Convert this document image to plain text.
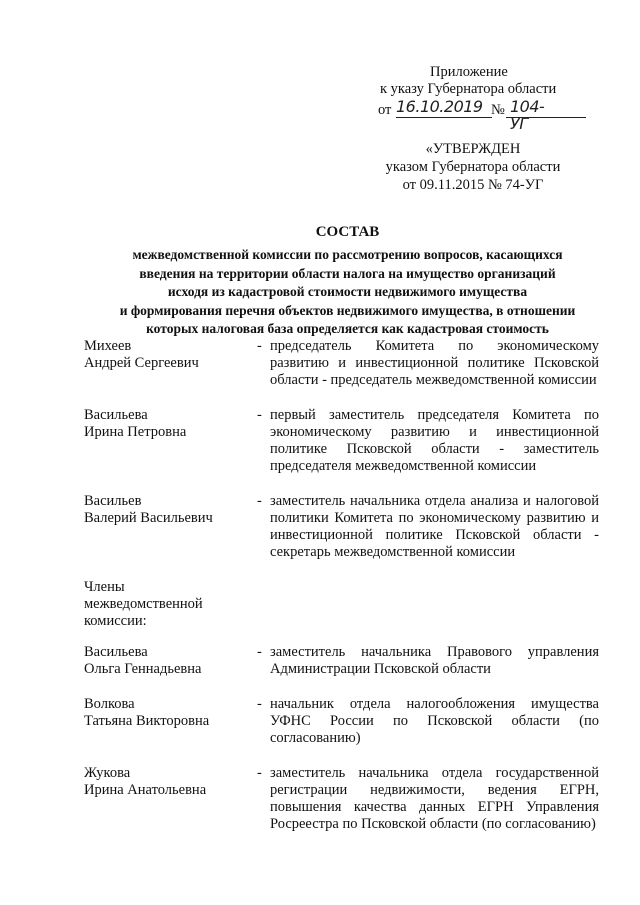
Приложение
к указу Губернатора области
от 16.10.2019 № 104-УГ
«УТВЕРЖДЕН
указом Губернатора области
от 09.11.2015 № 74-УГ
СОСТАВ
межведомственной комиссии по рассмотрению вопросов, касающихся
введения на территории области налога на имущество организаций
исходя из кадастровой стоимости недвижимого имущества
и формирования перечня объектов недвижимого имущества, в отношении
которых налоговая база определяется как кадастровая стоимость
Михеев
Андрей Сергеевич
- председатель Комитета по экономическому развитию и инвестиционной политике Псковской области - председатель межведомственной комиссии
Васильева
Ирина Петровна
- первый заместитель председателя Комитета по экономическому развитию и инвестиционной политике Псковской области - заместитель председателя межведомственной комиссии
Васильев
Валерий Васильевич
- заместитель начальника отдела анализа и налоговой политики Комитета по экономическому развитию и инвестиционной политике Псковской области - секретарь межведомственной комиссии
Члены межведомственной комиссии:
Васильева
Ольга Геннадьевна
- заместитель начальника Правового управления Администрации Псковской области
Волкова
Татьяна Викторовна
- начальник отдела налогообложения имущества УФНС России по Псковской области (по согласованию)
Жукова
Ирина Анатольевна
- заместитель начальника отдела государственной регистрации недвижимости, ведения ЕГРН, повышения качества данных ЕГРН Управления Росреестра по Псковской области (по согласованию)
